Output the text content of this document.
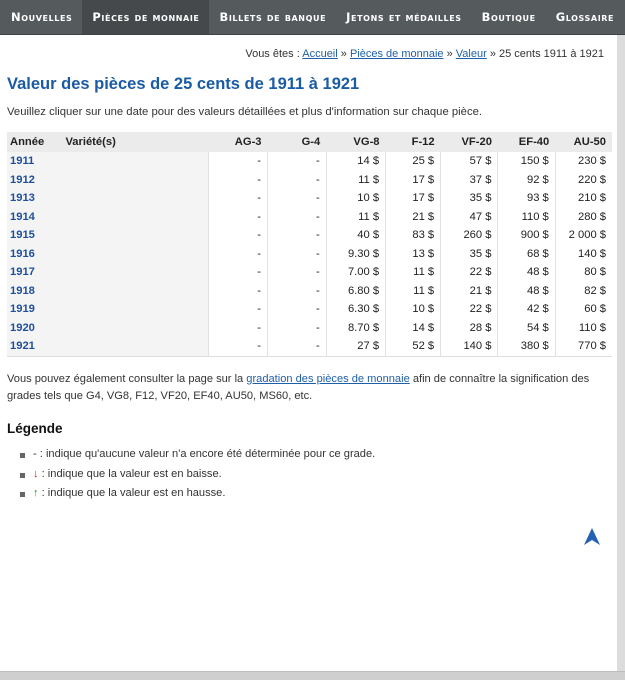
Nouvelles Pièces de monnaie Billets de banque Jetons et médailles Boutique Glossaire
Vous êtes : Accueil » Pièces de monnaie » Valeur » 25 cents 1911 à 1921
Valeur des pièces de 25 cents de 1911 à 1921

Veuillez cliquer sur une date pour des valeurs détaillées et plus d'information sur chaque pièce.

Année	Variété(s)	AG-3	G-4	VG-8	F-12	VF-20	EF-40	AU-50
1911		-	-	14 $	25 $	57 $	150 $	230 $
1912		-	-	11 $	17 $	37 $	92 $	220 $
1913		-	-	10 $	17 $	35 $	93 $	210 $
1914		-	-	11 $	21 $	47 $	110 $	280 $
1915		-	-	40 $	83 $	260 $	900 $	2 000 $
1916		-	-	9.30 $	13 $	35 $	68 $	140 $
1917		-	-	7.00 $	11 $	22 $	48 $	80 $
1918		-	-	6.80 $	11 $	21 $	48 $	82 $
1919		-	-	6.30 $	10 $	22 $	42 $	60 $
1920		-	-	8.70 $	14 $	28 $	54 $	110 $
1921		-	-	27 $	52 $	140 $	380 $	770 $

Vous pouvez également consulter la page sur la gradation des pièces de monnaie afin de connaître la signification des grades tels que G4, VG8, F12, VF20, EF40, AU50, MS60, etc.

Légende
- : indique qu'aucune valeur n'a encore été déterminée pour ce grade.
↓ : indique que la valeur est en baisse.
↑ : indique que la valeur est en hausse.
